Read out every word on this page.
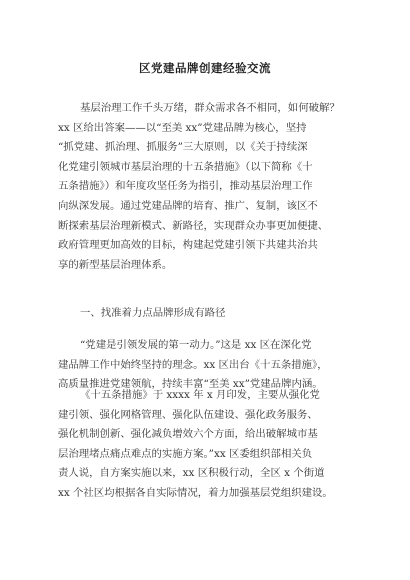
区党建品牌创建经验交流
基层治理工作千头万绪，群众需求各不相同，如何破解？
xx 区给出答案——以“至美 xx”党建品牌为核心，坚持
“抓党建、抓治理、抓服务”三大原则，以《关于持续深
化党建引领城市基层治理的十五条措施》（以下简称《十
五条措施》）和年度攻坚任务为指引，推动基层治理工作
向纵深发展。通过党建品牌的培育、推广、复制，该区不
断探索基层治理新模式、新路径，实现群众办事更加便捷、
政府管理更加高效的目标，构建起党建引领下共建共治共
享的新型基层治理体系。
一、找准着力点品牌形成有路径
“党建是引领发展的第一动力。”这是 xx 区在深化党
建品牌工作中始终坚持的理念。xx 区出台《十五条措施》，
高质量推进党建领航，持续丰富“至美 xx”党建品牌内涵。
《十五条措施》于 xxxx 年 x 月印发，主要从强化党
建引领、强化网格管理、强化队伍建设、强化政务服务、
强化机制创新、强化减负增效六个方面，给出破解城市基
层治理堵点痛点难点的实施方案。”xx 区委组织部相关负
责人说，自方案实施以来，xx 区积极行动，全区 x 个街道
xx 个社区均根据各自实际情况，着力加强基层党组织建设。
